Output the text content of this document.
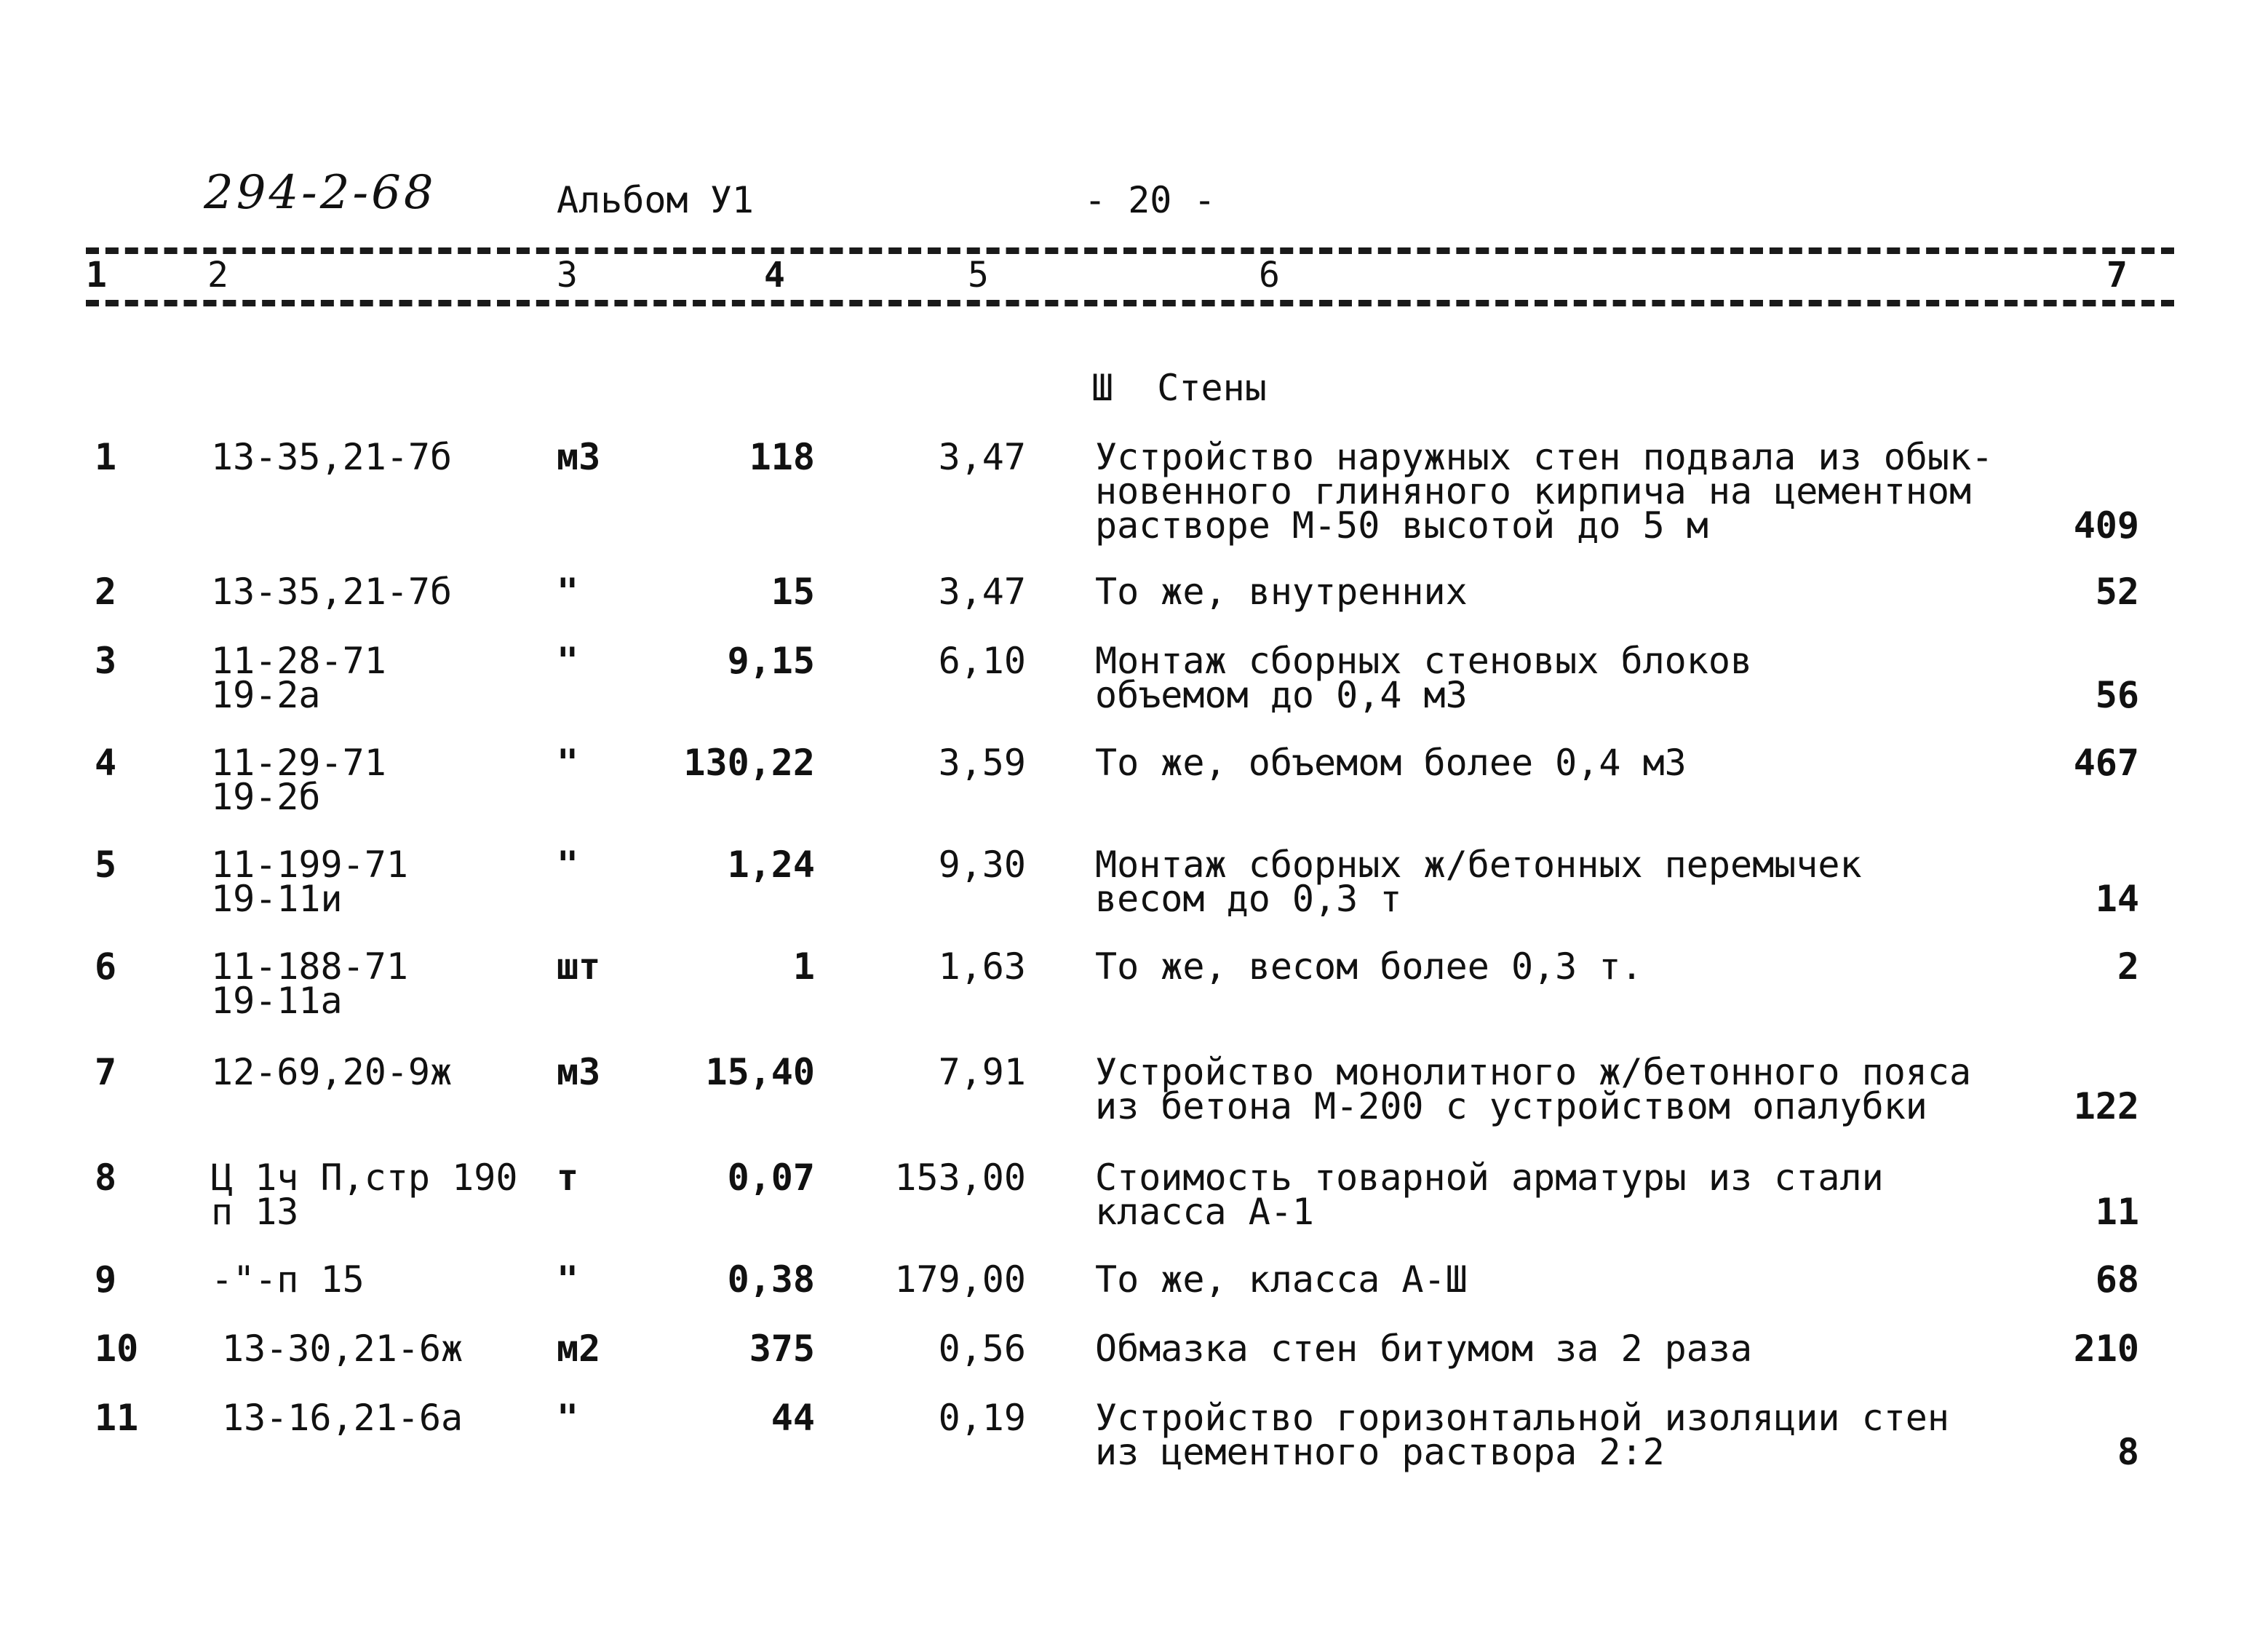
294-2-68	Альбом У1	- 20 -
1	2	3	4	5	6	7
Ш  Стены
1	13-35,21-7б	м3	118	3,47 Устройство наружных стен подвала из обык-
новенного глиняного кирпича на цементном
растворе М-50 высотой до 5 м	409
2	13-35,21-7б	"	15	3,47 То же, внутренних	52
3	11-28-71
19-2а
"	9,15	6,10 Монтаж сборных стеновых блоков
объемом до 0,4 м3	56
4	11-29-71
19-2б
"	130,22	3,59 То же, объемом более 0,4 м3	467
5	11-199-71
19-11и
"	1,24	9,30 Монтаж сборных ж/бетонных перемычек
весом до 0,3 т	14
6	11-188-71
19-11а
шт	1	1,63 То же, весом более 0,3 т.	2
7	12-69,20-9ж	м3	15,40	7,91 Устройство монолитного ж/бетонного пояса
из бетона М-200 с устройством опалубки	122
8	Ц 1ч П,стр 190
п 13
т	0,07	153,00 Стоимость товарной арматуры из стали
класса А-1	11
9	-"-п 15	"	0,38	179,00 То же, класса А-Ш	68
10 13-30,21-6ж	м2	375	0,56 Обмазка стен битумом за 2 раза	210
11 13-16,21-6а	"	44	0,19 Устройство горизонтальной изоляции стен
из цементного раствора 2:2	8
